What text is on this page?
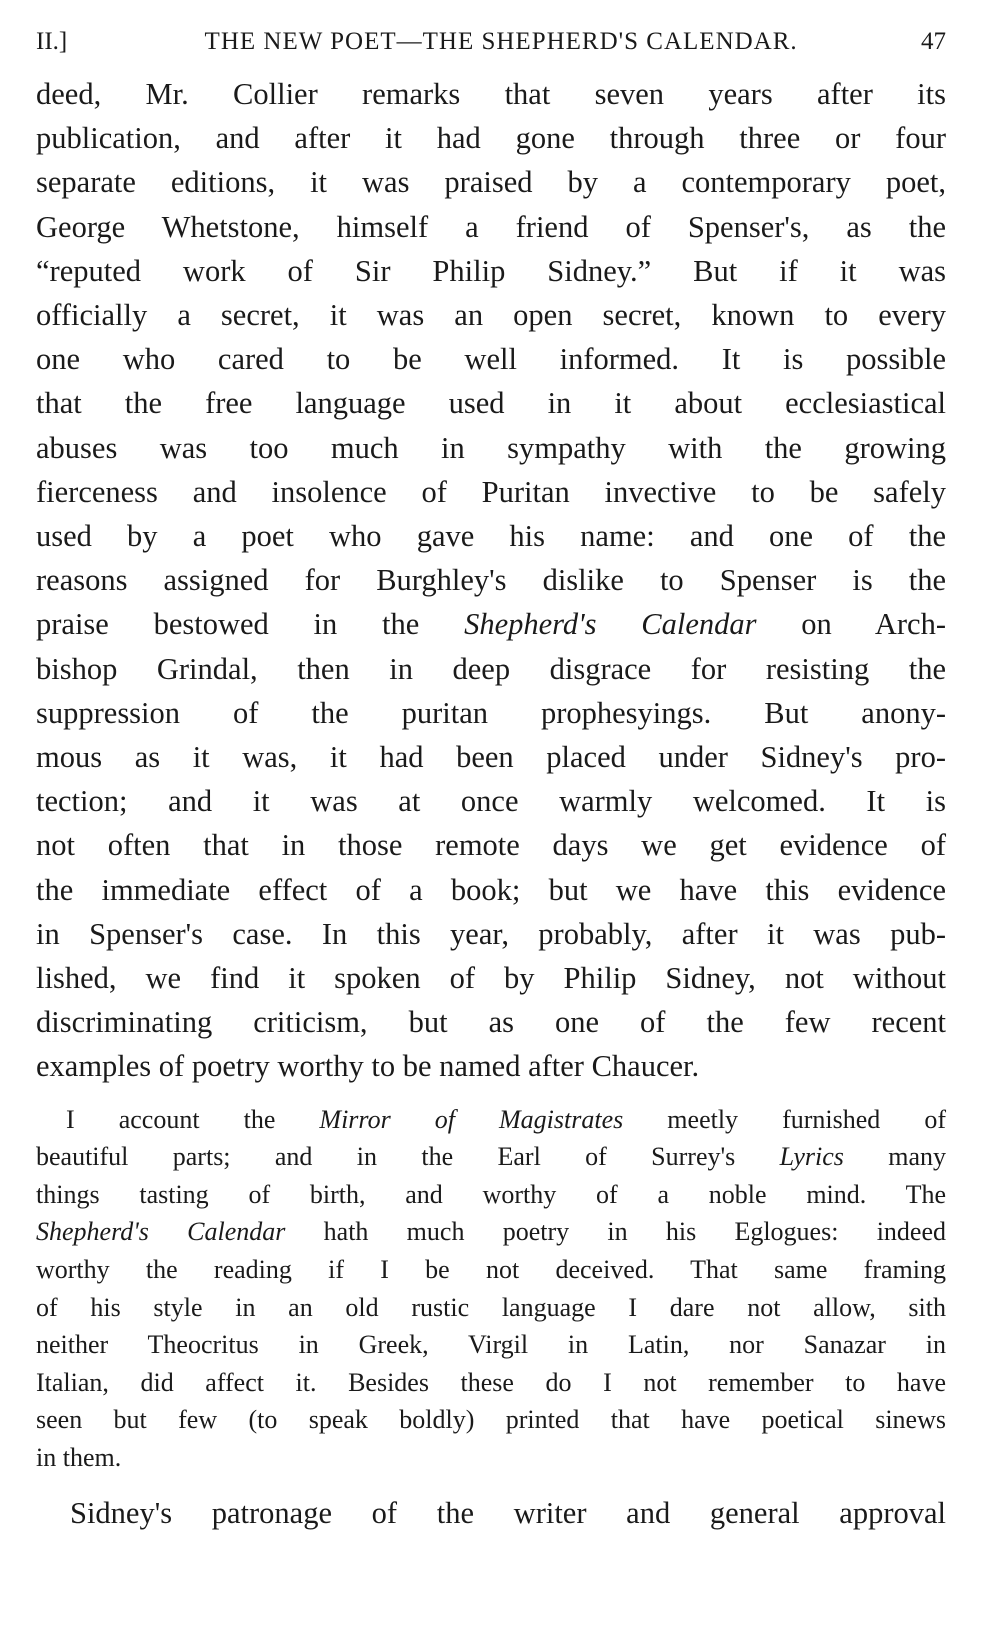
II.]	THE NEW POET—THE SHEPHERD'S CALENDAR.	47
deed, Mr. Collier remarks that seven years after its
publication, and after it had gone through three or four
separate editions, it was praised by a contemporary poet,
George Whetstone, himself a friend of Spenser's, as the
“reputed work of Sir Philip Sidney.” But if it was
officially a secret, it was an open secret, known to every
one who cared to be well informed. It is possible
that the free language used in it about ecclesiastical
abuses was too much in sympathy with the growing
fierceness and insolence of Puritan invective to be safely
used by a poet who gave his name: and one of the
reasons assigned for Burghley's dislike to Spenser is the
praise bestowed in the Shepherd's Calendar on Arch-
bishop Grindal, then in deep disgrace for resisting the
suppression of the puritan prophesyings. But anony-
mous as it was, it had been placed under Sidney's pro-
tection; and it was at once warmly welcomed. It is
not often that in those remote days we get evidence of
the immediate effect of a book; but we have this evidence
in Spenser's case. In this year, probably, after it was pub-
lished, we find it spoken of by Philip Sidney, not without
discriminating criticism, but as one of the few recent
examples of poetry worthy to be named after Chaucer.
I account the Mirror of Magistrates meetly furnished of
beautiful parts; and in the Earl of Surrey's Lyrics many
things tasting of birth, and worthy of a noble mind. The
Shepherd's Calendar hath much poetry in his Eglogues: indeed
worthy the reading if I be not deceived. That same framing
of his style in an old rustic language I dare not allow, sith
neither Theocritus in Greek, Virgil in Latin, nor Sanazar in
Italian, did affect it. Besides these do I not remember to have
seen but few (to speak boldly) printed that have poetical sinews
in them.
Sidney's patronage of the writer and general approval
